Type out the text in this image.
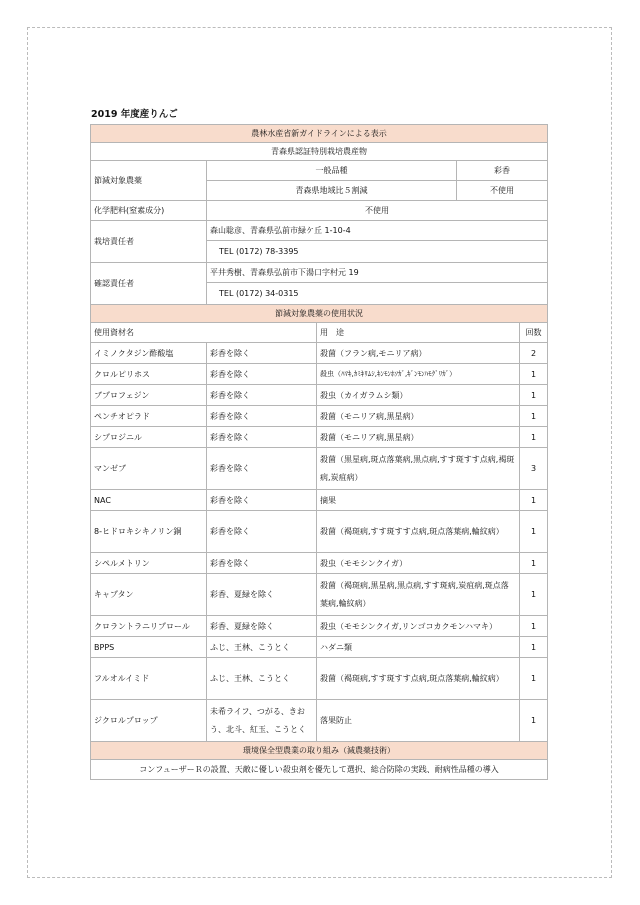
2019 年度産りんご
農林水産省新ガイドラインによる表示				
青森県認証特別栽培農産物				
節減対象農薬	一般品種		彩香	
	青森県地域比５割減		不使用	
化学肥料(窒素成分)	不使用			
栽培責任者	森山聡彦、青森県弘前市緑ケ丘 1-10-4			
	TEL (0172) 78-3395			
確認責任者	平井秀樹、青森県弘前市下湯口字村元 19			
	TEL (0172) 34-0315			
節減対象農薬の使用状況				
使用資材名		用　途		回数
イミノクタジン酢酸塩	彩香を除く	殺菌（フラン病,モニリア病）		2
クロルピリホス	彩香を除く	殺虫（ﾊﾏｷ,ｶﾐｷﾘﾑｼ,ｷﾝﾓﾝﾎｿｶﾞ,ｷﾞﾝﾓﾝﾊﾓｸﾞﾘｶﾞ）		1
ブプロフェジン	彩香を除く	殺虫（カイガラムシ類）		1
ペンチオピラド	彩香を除く	殺菌（モニリア病,黒星病）		1
シプロジニル	彩香を除く	殺菌（モニリア病,黒星病）		1
マンゼブ	彩香を除く	殺菌（黒星病,斑点落葉病,黒点病,すす斑すす点病,褐斑病,炭疽病）		3
NAC	彩香を除く	摘果		1
8-ヒドロキシキノリン銅	彩香を除く	殺菌（褐斑病,すす斑すす点病,斑点落葉病,輪紋病）		1
シペルメトリン	彩香を除く	殺虫（モモシンクイガ）		1
キャプタン	彩香、夏緑を除く	殺菌（褐斑病,黒星病,黒点病,すす斑病,炭疽病,斑点落葉病,輪紋病）		1
クロラントラニリプロール	彩香、夏緑を除く	殺虫（モモシンクイガ,リンゴコカクモンハマキ）		1
BPPS	ふじ、王林、こうとく	ハダニ類		1
フルオルイミド	ふじ、王林、こうとく	殺菌（褐斑病,すす斑すす点病,斑点落葉病,輪紋病）		1
ジクロルプロップ	未希ライフ、つがる、きおう、北斗、紅玉、こうとく	落果防止		1
環境保全型農業の取り組み（減農薬技術）				
コンフューザーＲの設置、天敵に優しい殺虫剤を優先して選択、総合防除の実践、耐病性品種の導入				
